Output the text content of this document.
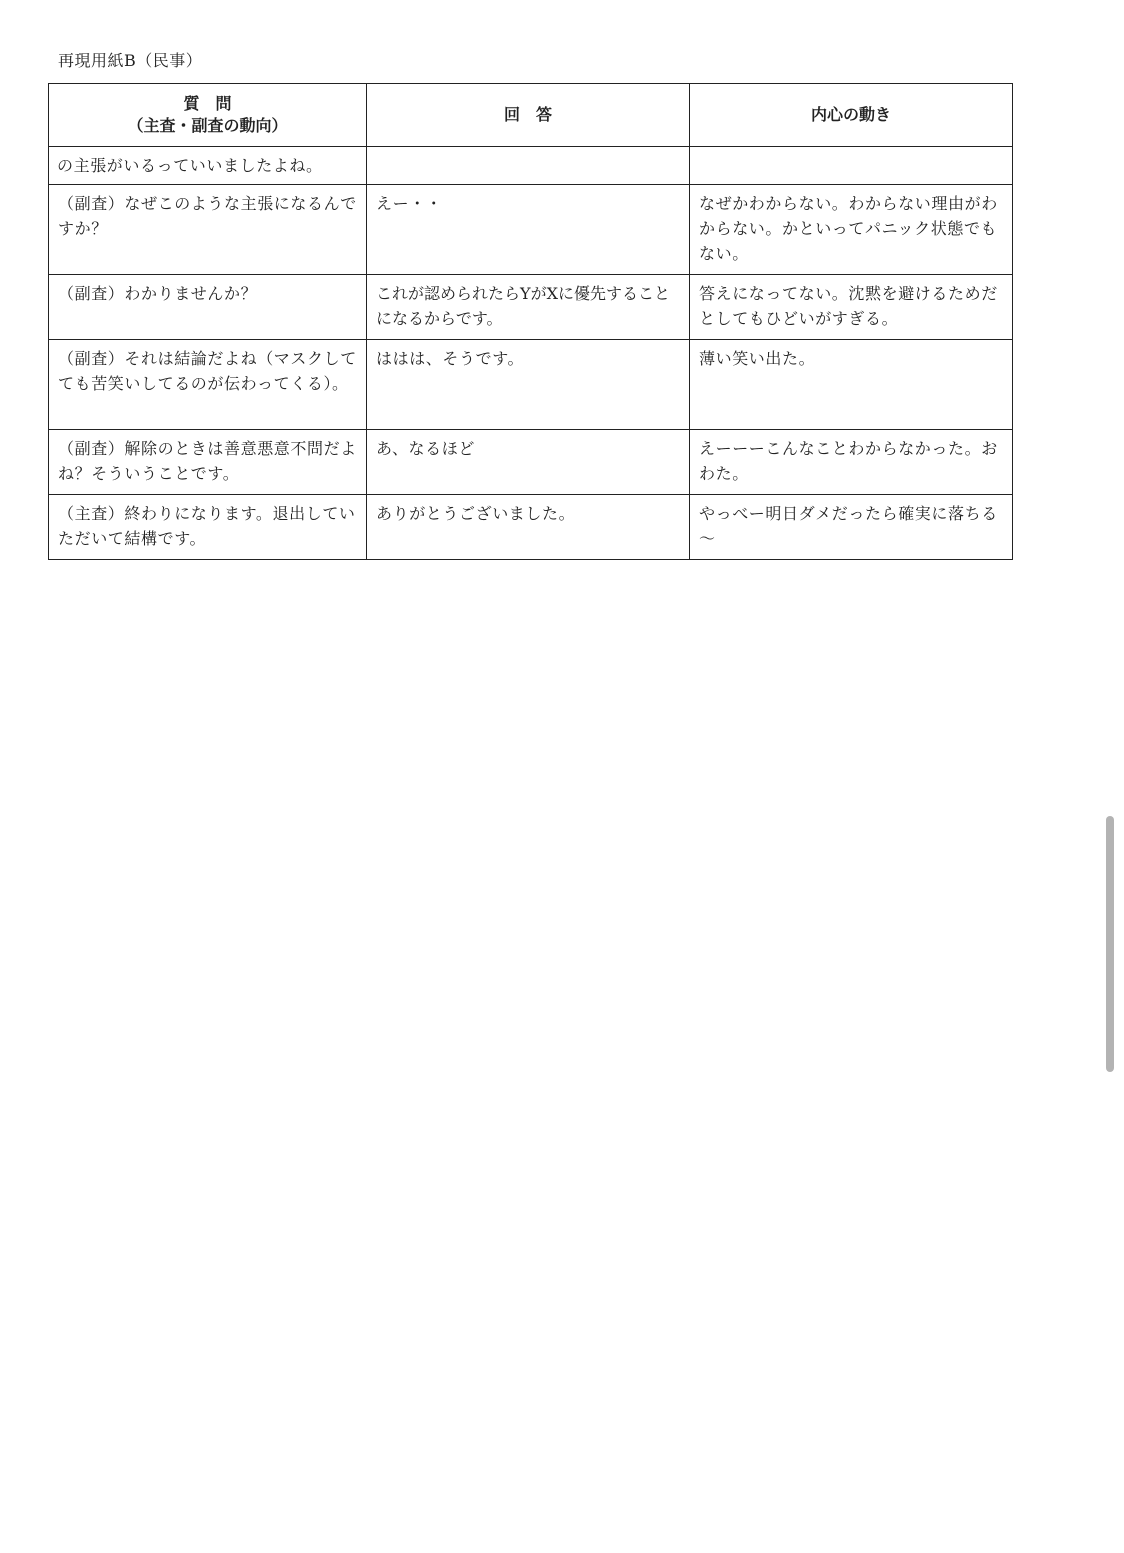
再現用紙B（民事）
質　問
（主査・副査の動向）	回　答	内心の動き
の主張がいるっていいましたよね。		
（副査）なぜこのような主張になるんですか？	えー・・	なぜかわからない。わからない理由がわからない。かといってパニック状態でもない。
（副査）わかりませんか？	これが認められたらYがXに優先することになるからです。	答えになってない。沈黙を避けるためだとしてもひどいがすぎる。
（副査）それは結論だよね（マスクしてても苦笑いしてるのが伝わってくる）。	ははは、そうです。	薄い笑い出た。
（副査）解除のときは善意悪意不問だよね？そういうことです。	あ、なるほど	えーーーこんなことわからなかった。おわた。
（主査）終わりになります。退出していただいて結構です。	ありがとうございました。	やっべー明日ダメだったら確実に落ちる～
